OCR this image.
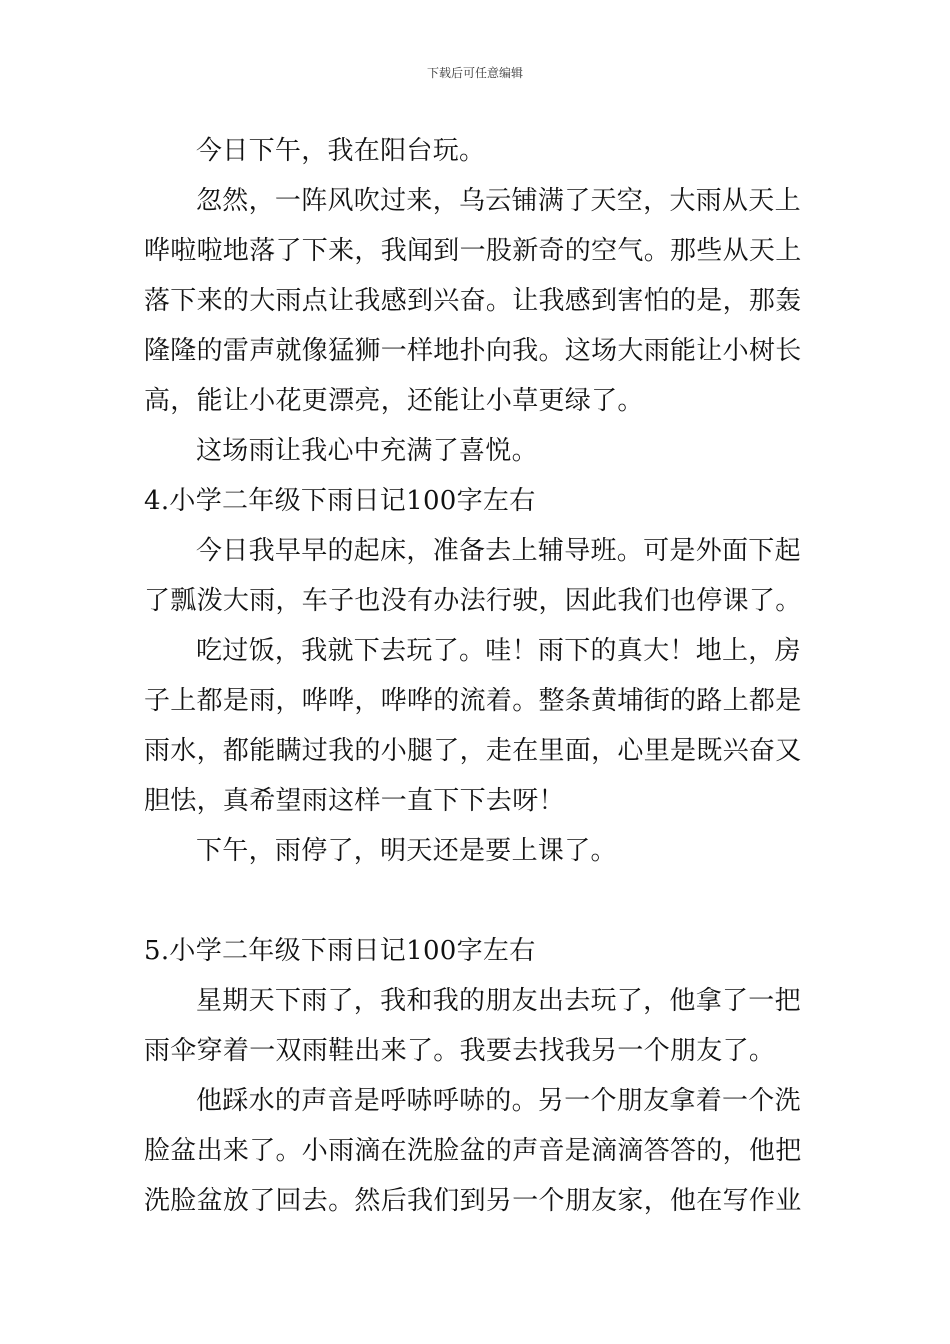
下载后可任意编辑

今日下午，我在阳台玩。

忽然，一阵风吹过来，乌云铺满了天空，大雨从天上哗啦啦地落了下来，我闻到一股新奇的空气。那些从天上落下来的大雨点让我感到兴奋。让我感到害怕的是，那轰隆隆的雷声就像猛狮一样地扑向我。这场大雨能让小树长高，能让小花更漂亮，还能让小草更绿了。

这场雨让我心中充满了喜悦。

4.小学二年级下雨日记100字左右

今日我早早的起床，准备去上辅导班。可是外面下起了瓢泼大雨，车子也没有办法行驶，因此我们也停课了。

吃过饭，我就下去玩了。哇！雨下的真大！地上，房子上都是雨，哗哗，哗哗的流着。整条黄埔街的路上都是雨水，都能瞒过我的小腿了，走在里面，心里是既兴奋又胆怯，真希望雨这样一直下下去呀！

下午，雨停了，明天还是要上课了。

5.小学二年级下雨日记100字左右

星期天下雨了，我和我的朋友出去玩了，他拿了一把雨伞穿着一双雨鞋出来了。我要去找我另一个朋友了。

他踩水的声音是呼哧呼哧的。另一个朋友拿着一个洗脸盆出来了。小雨滴在洗脸盆的声音是滴滴答答的，他把洗脸盆放了回去。然后我们到另一个朋友家，他在写作业
